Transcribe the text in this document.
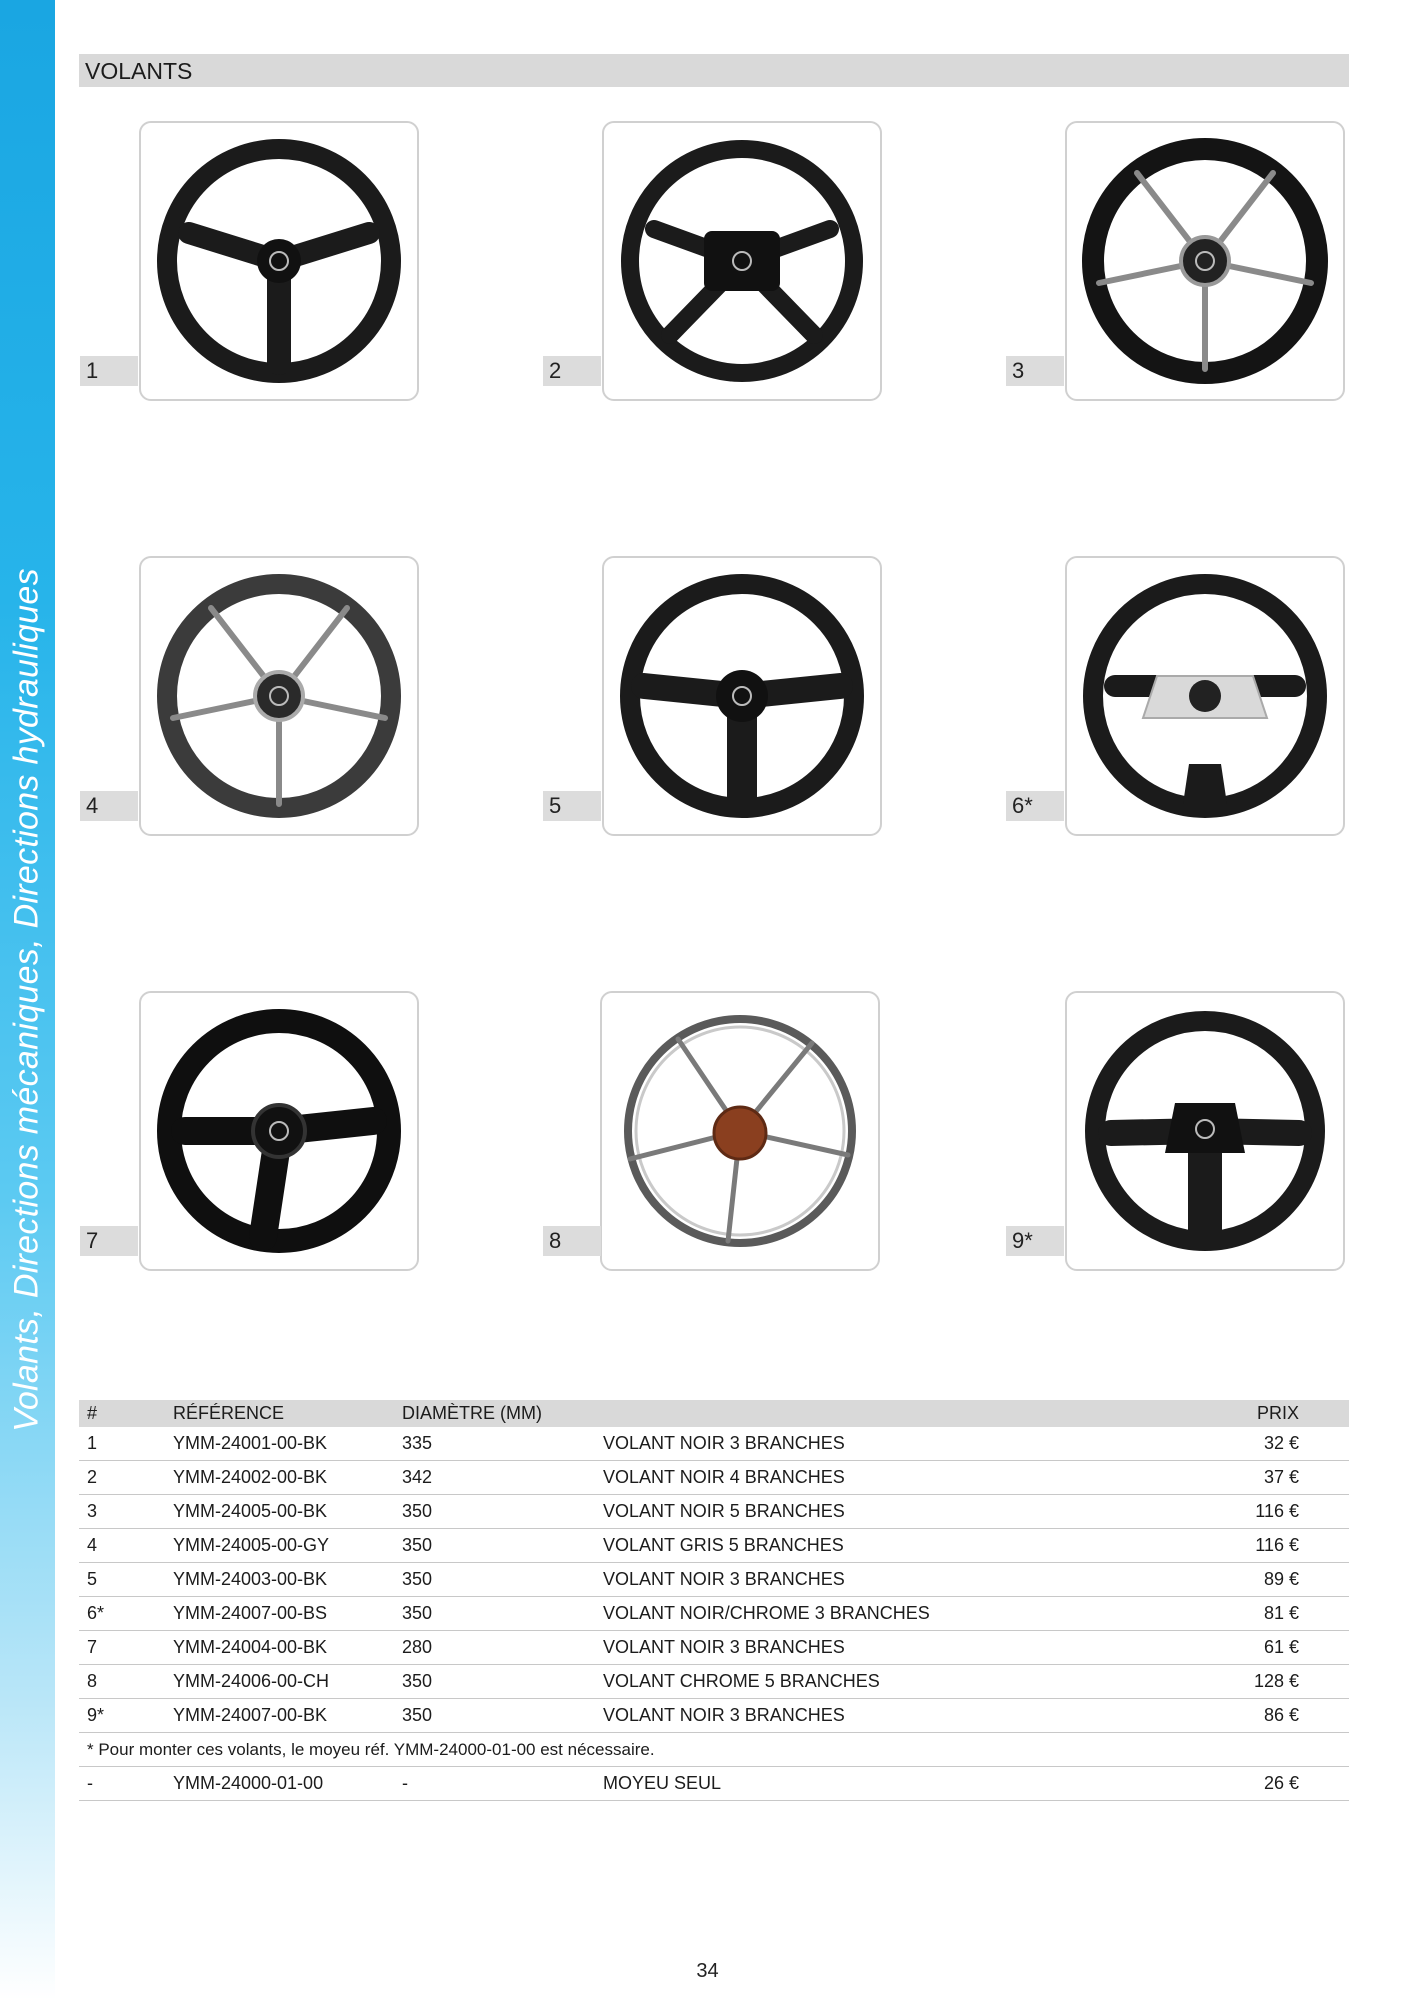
Volants, Directions mécaniques, Directions hydrauliques
VOLANTS
1	2	3
4	5	6*
7	8	9*
#	RÉFÉRENCE	DIAMÈTRE (MM)		PRIX
1	YMM-24001-00-BK	335	VOLANT NOIR 3 BRANCHES	32 €
2	YMM-24002-00-BK	342	VOLANT NOIR 4 BRANCHES	37 €
3	YMM-24005-00-BK	350	VOLANT NOIR 5 BRANCHES	116 €
4	YMM-24005-00-GY	350	VOLANT GRIS 5 BRANCHES	116 €
5	YMM-24003-00-BK	350	VOLANT NOIR 3 BRANCHES	89 €
6*	YMM-24007-00-BS	350	VOLANT NOIR/CHROME 3 BRANCHES	81 €
7	YMM-24004-00-BK	280	VOLANT NOIR 3 BRANCHES	61 €
8	YMM-24006-00-CH	350	VOLANT CHROME 5 BRANCHES	128 €
9*	YMM-24007-00-BK	350	VOLANT NOIR 3 BRANCHES	86 €
* Pour monter ces volants, le moyeu réf. YMM-24000-01-00 est nécessaire.				
-	YMM-24000-01-00	-	MOYEU SEUL	26 €
34
